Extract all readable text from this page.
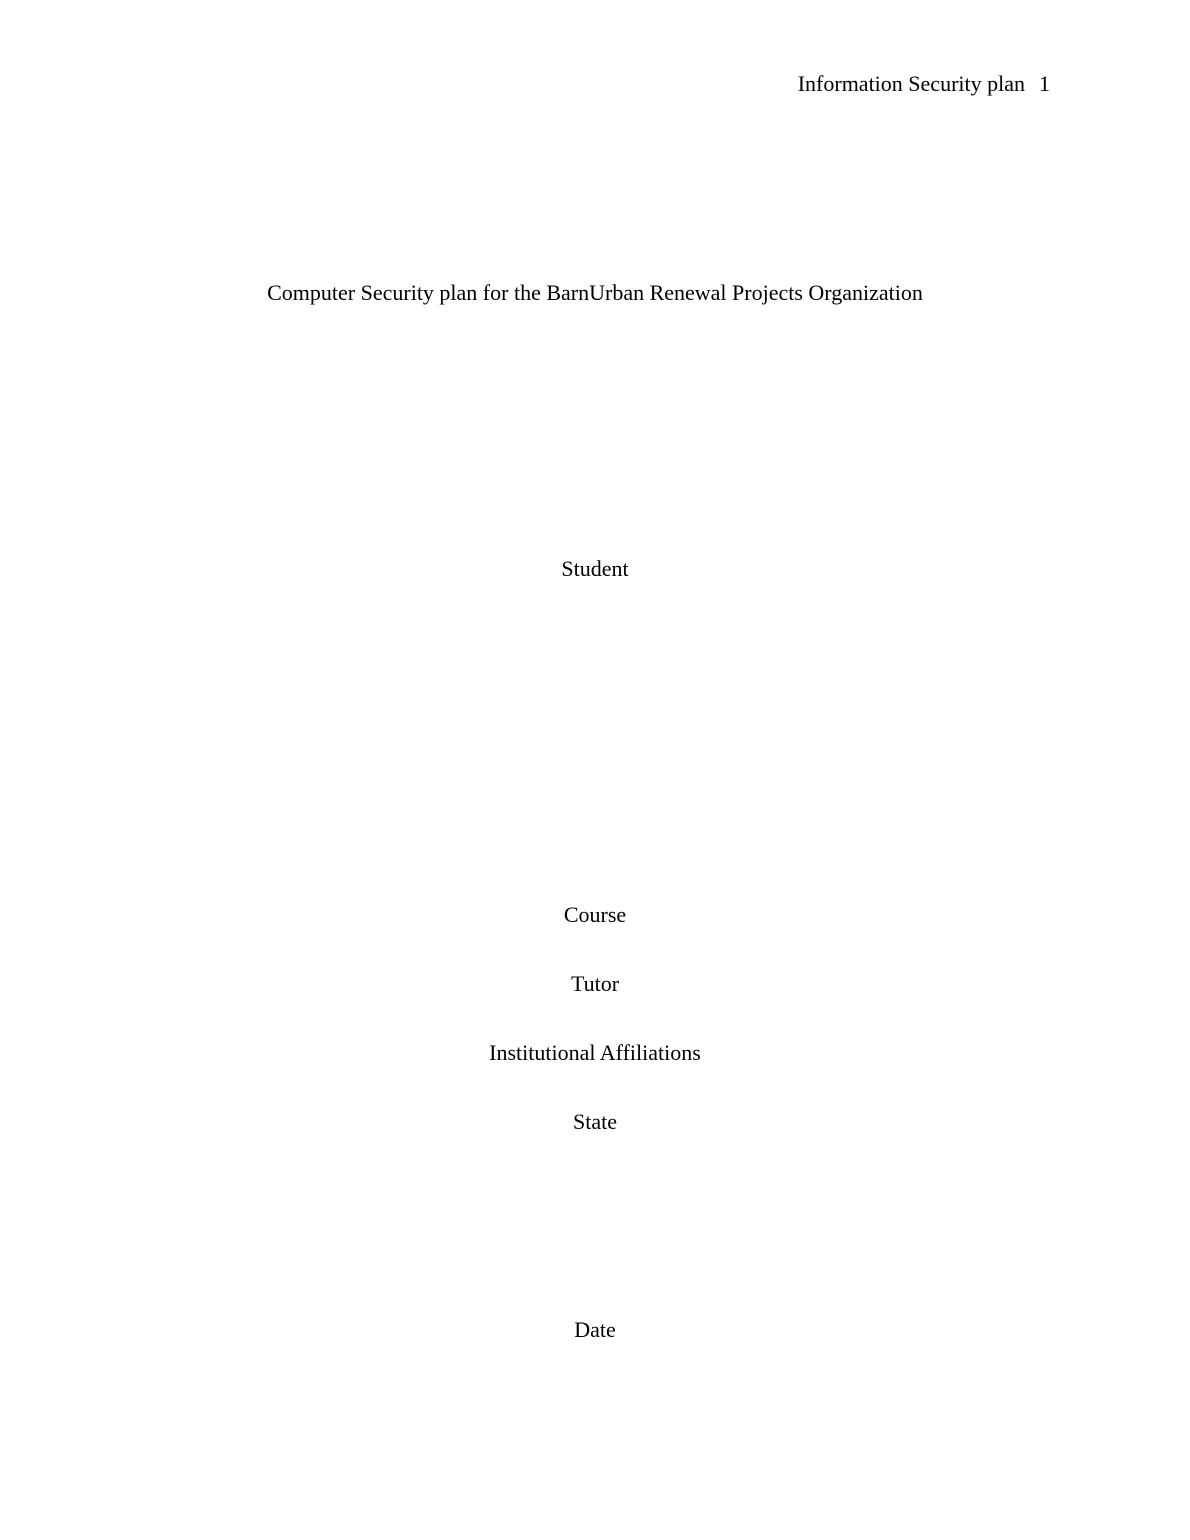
Information Security plan 1
Computer Security plan for the BarnUrban Renewal Projects Organization
Student
Course
Tutor
Institutional Affiliations
State
Date
